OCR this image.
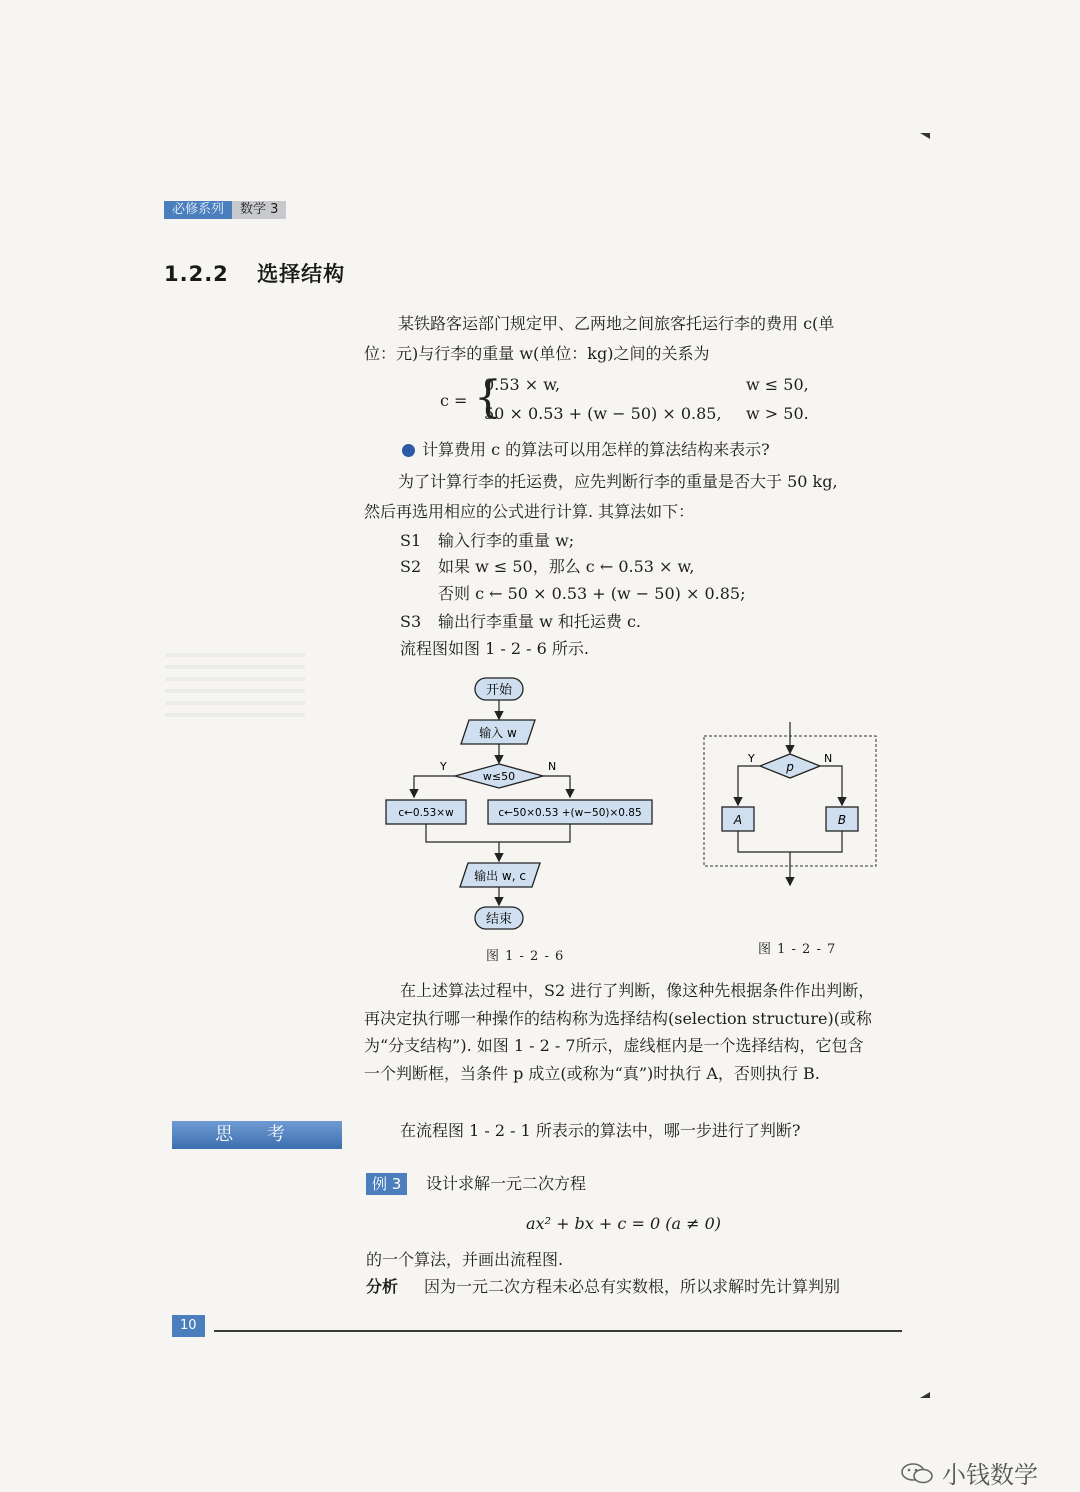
必修系列	数学 3
1.2.2 选择结构
某铁路客运部门规定甲、乙两地之间旅客托运行李的费用 c(单
位：元)与行李的重量 w(单位：kg)之间的关系为
c = {
0.53 × w,	w ≤ 50,
50 × 0.53 + (w − 50) × 0.85, w > 50.
计算费用 c 的算法可以用怎样的算法结构来表示?
为了计算行李的托运费，应先判断行李的重量是否大于 50 kg,
然后再选用相应的公式进行计算. 其算法如下：
S1 输入行李的重量 w;
S2 如果 w ≤ 50，那么 c ← 0.53 × w,
否则 c ← 50 × 0.53 + (w − 50) × 0.85;
S3 输出行李重量 w 和托运费 c.
流程图如图 1 - 2 - 6 所示.
开始
输入 w
w≤50
Y	N
c←0.53×w	c←50×0.53 +(w−50)×0.85
输出 w, c
结束
图 1 - 2 - 6
p
Y	N
A	B
图 1 - 2 - 7
在上述算法过程中，S2 进行了判断，像这种先根据条件作出判断，
再决定执行哪一种操作的结构称为选择结构(selection structure)(或称
为“分支结构”). 如图 1 - 2 - 7所示，虚线框内是一个选择结构，它包含
一个判断框，当条件 p 成立(或称为“真”)时执行 A，否则执行 B.
思 考	在流程图 1 - 2 - 1 所表示的算法中，哪一步进行了判断?
例 3	设计求解一元二次方程
ax² + bx + c = 0 (a ≠ 0)
的一个算法，并画出流程图.
分析 因为一元二次方程未必总有实数根，所以求解时先计算判别
10
小钱数学
